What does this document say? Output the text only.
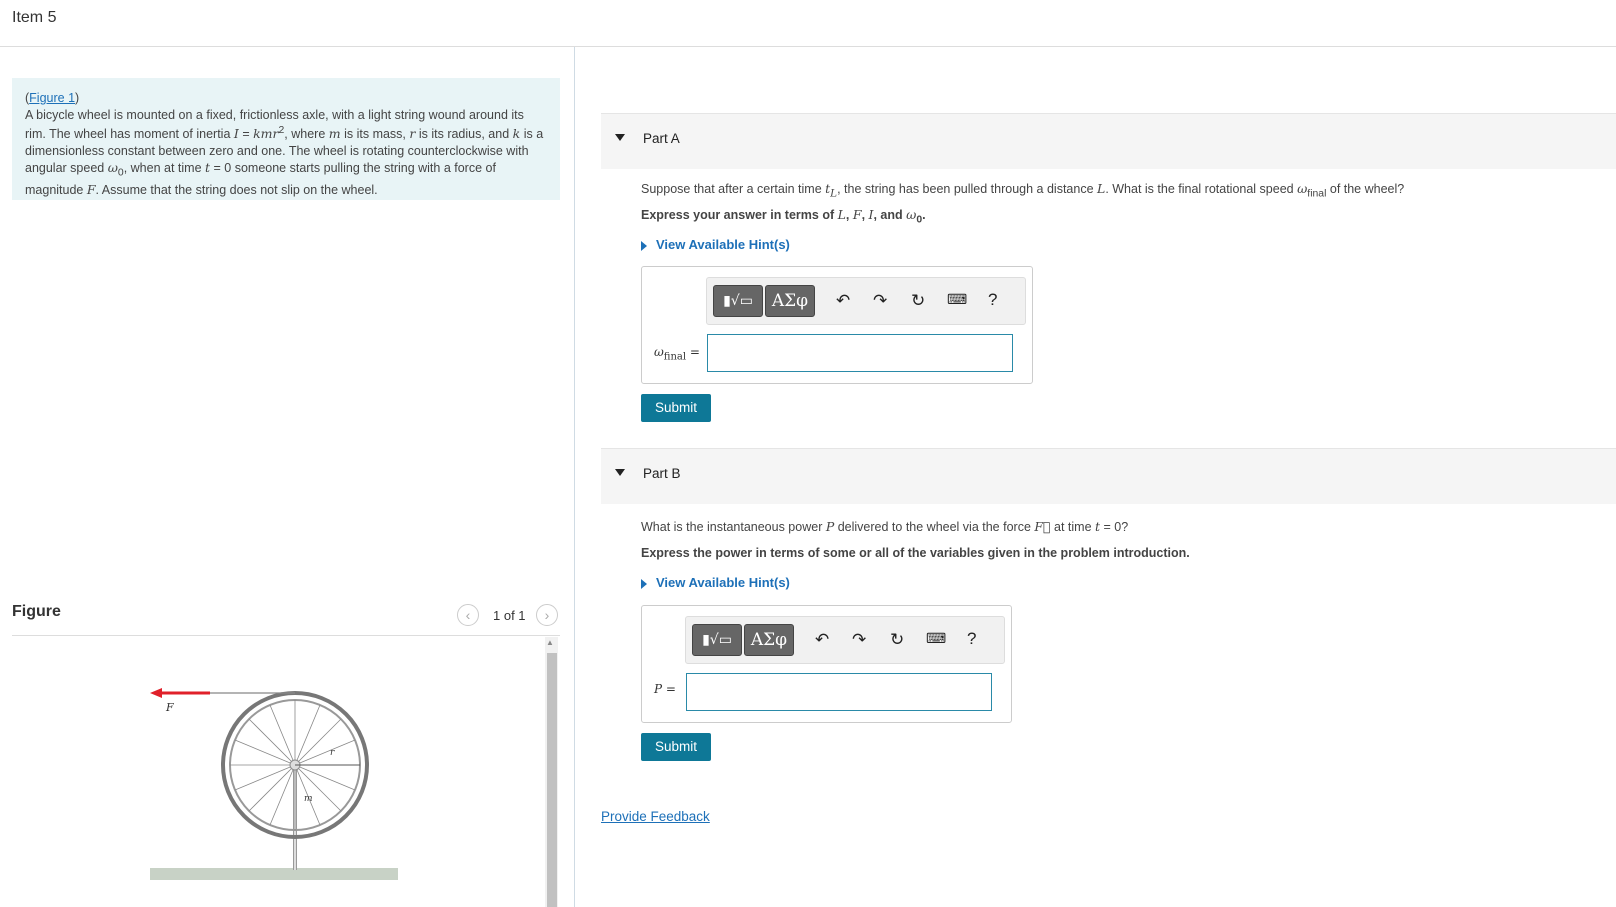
Item 5
(Figure 1)
A bicycle wheel is mounted on a fixed, frictionless axle, with a light string wound around its rim. The wheel has moment of inertia I = kmr$^2$, where m is its mass, r is its radius, and k is a dimensionless constant between zero and one. The wheel is rotating counterclockwise with angular speed $\omega_0$, when at time t = 0 someone starts pulling the string with a force of magnitude F. Assume that the string does not slip on the wheel.
Figure	‹	1 of 1	›
▲
F
r
m
Part A
Suppose that after a certain time $t_L$, the string has been pulled through a distance L. What is the final rotational speed $\omega_{final}$ of the wheel?
Express your answer in terms of L, F, I, and $\omega_0$.
View Available Hint(s)
▮√▭	ΑΣφ	↶ ↷ ↻ ⌨ ?
$\omega_{final}$ =
Submit
Part B
What is the instantaneous power P delivered to the wheel via the force F⃗ at time t = 0?
Express the power in terms of some or all of the variables given in the problem introduction.
View Available Hint(s)
▮√▭	ΑΣφ	↶ ↷ ↻ ⌨ ?
P =
Submit
Provide Feedback
